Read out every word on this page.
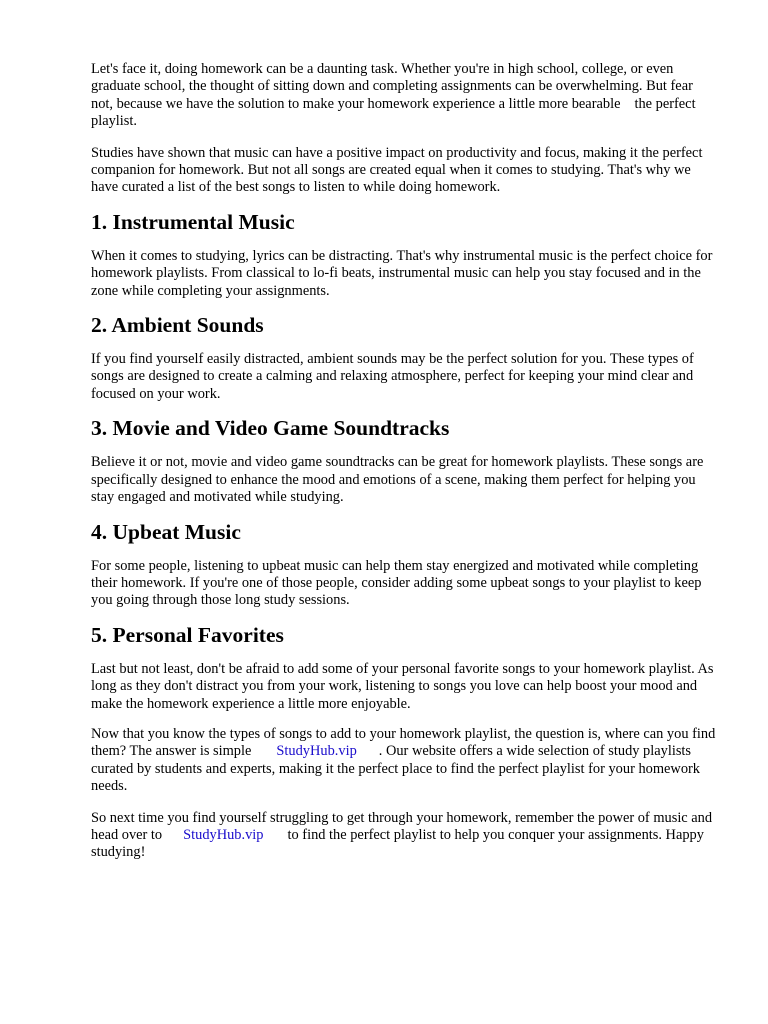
Let's face it, doing homework can be a daunting task. Whether you're in high school, college, or even graduate school, the thought of sitting down and completing assignments can be overwhelming. But fear not, because we have the solution to make your homework experience a little more bearable the perfect playlist.

Studies have shown that music can have a positive impact on productivity and focus, making it the perfect companion for homework. But not all songs are created equal when it comes to studying. That's why we have curated a list of the best songs to listen to while doing homework.

1. Instrumental Music

When it comes to studying, lyrics can be distracting. That's why instrumental music is the perfect choice for homework playlists. From classical to lo-fi beats, instrumental music can help you stay focused and in the zone while completing your assignments.

2. Ambient Sounds

If you find yourself easily distracted, ambient sounds may be the perfect solution for you. These types of songs are designed to create a calming and relaxing atmosphere, perfect for keeping your mind clear and focused on your work.

3. Movie and Video Game Soundtracks

Believe it or not, movie and video game soundtracks can be great for homework playlists. These songs are specifically designed to enhance the mood and emotions of a scene, making them perfect for helping you stay engaged and motivated while studying.

4. Upbeat Music

For some people, listening to upbeat music can help them stay energized and motivated while completing their homework. If you're one of those people, consider adding some upbeat songs to your playlist to keep you going through those long study sessions.

5. Personal Favorites

Last but not least, don't be afraid to add some of your personal favorite songs to your homework playlist. As long as they don't distract you from your work, listening to songs you love can help boost your mood and make the homework experience a little more enjoyable.

Now that you know the types of songs to add to your homework playlist, the question is, where can you find them? The answer is simple StudyHub.vip . Our website offers a wide selection of study playlists curated by students and experts, making it the perfect place to find the perfect playlist for your homework needs.

So next time you find yourself struggling to get through your homework, remember the power of music and head over to StudyHub.vip to find the perfect playlist to help you conquer your assignments. Happy studying!
